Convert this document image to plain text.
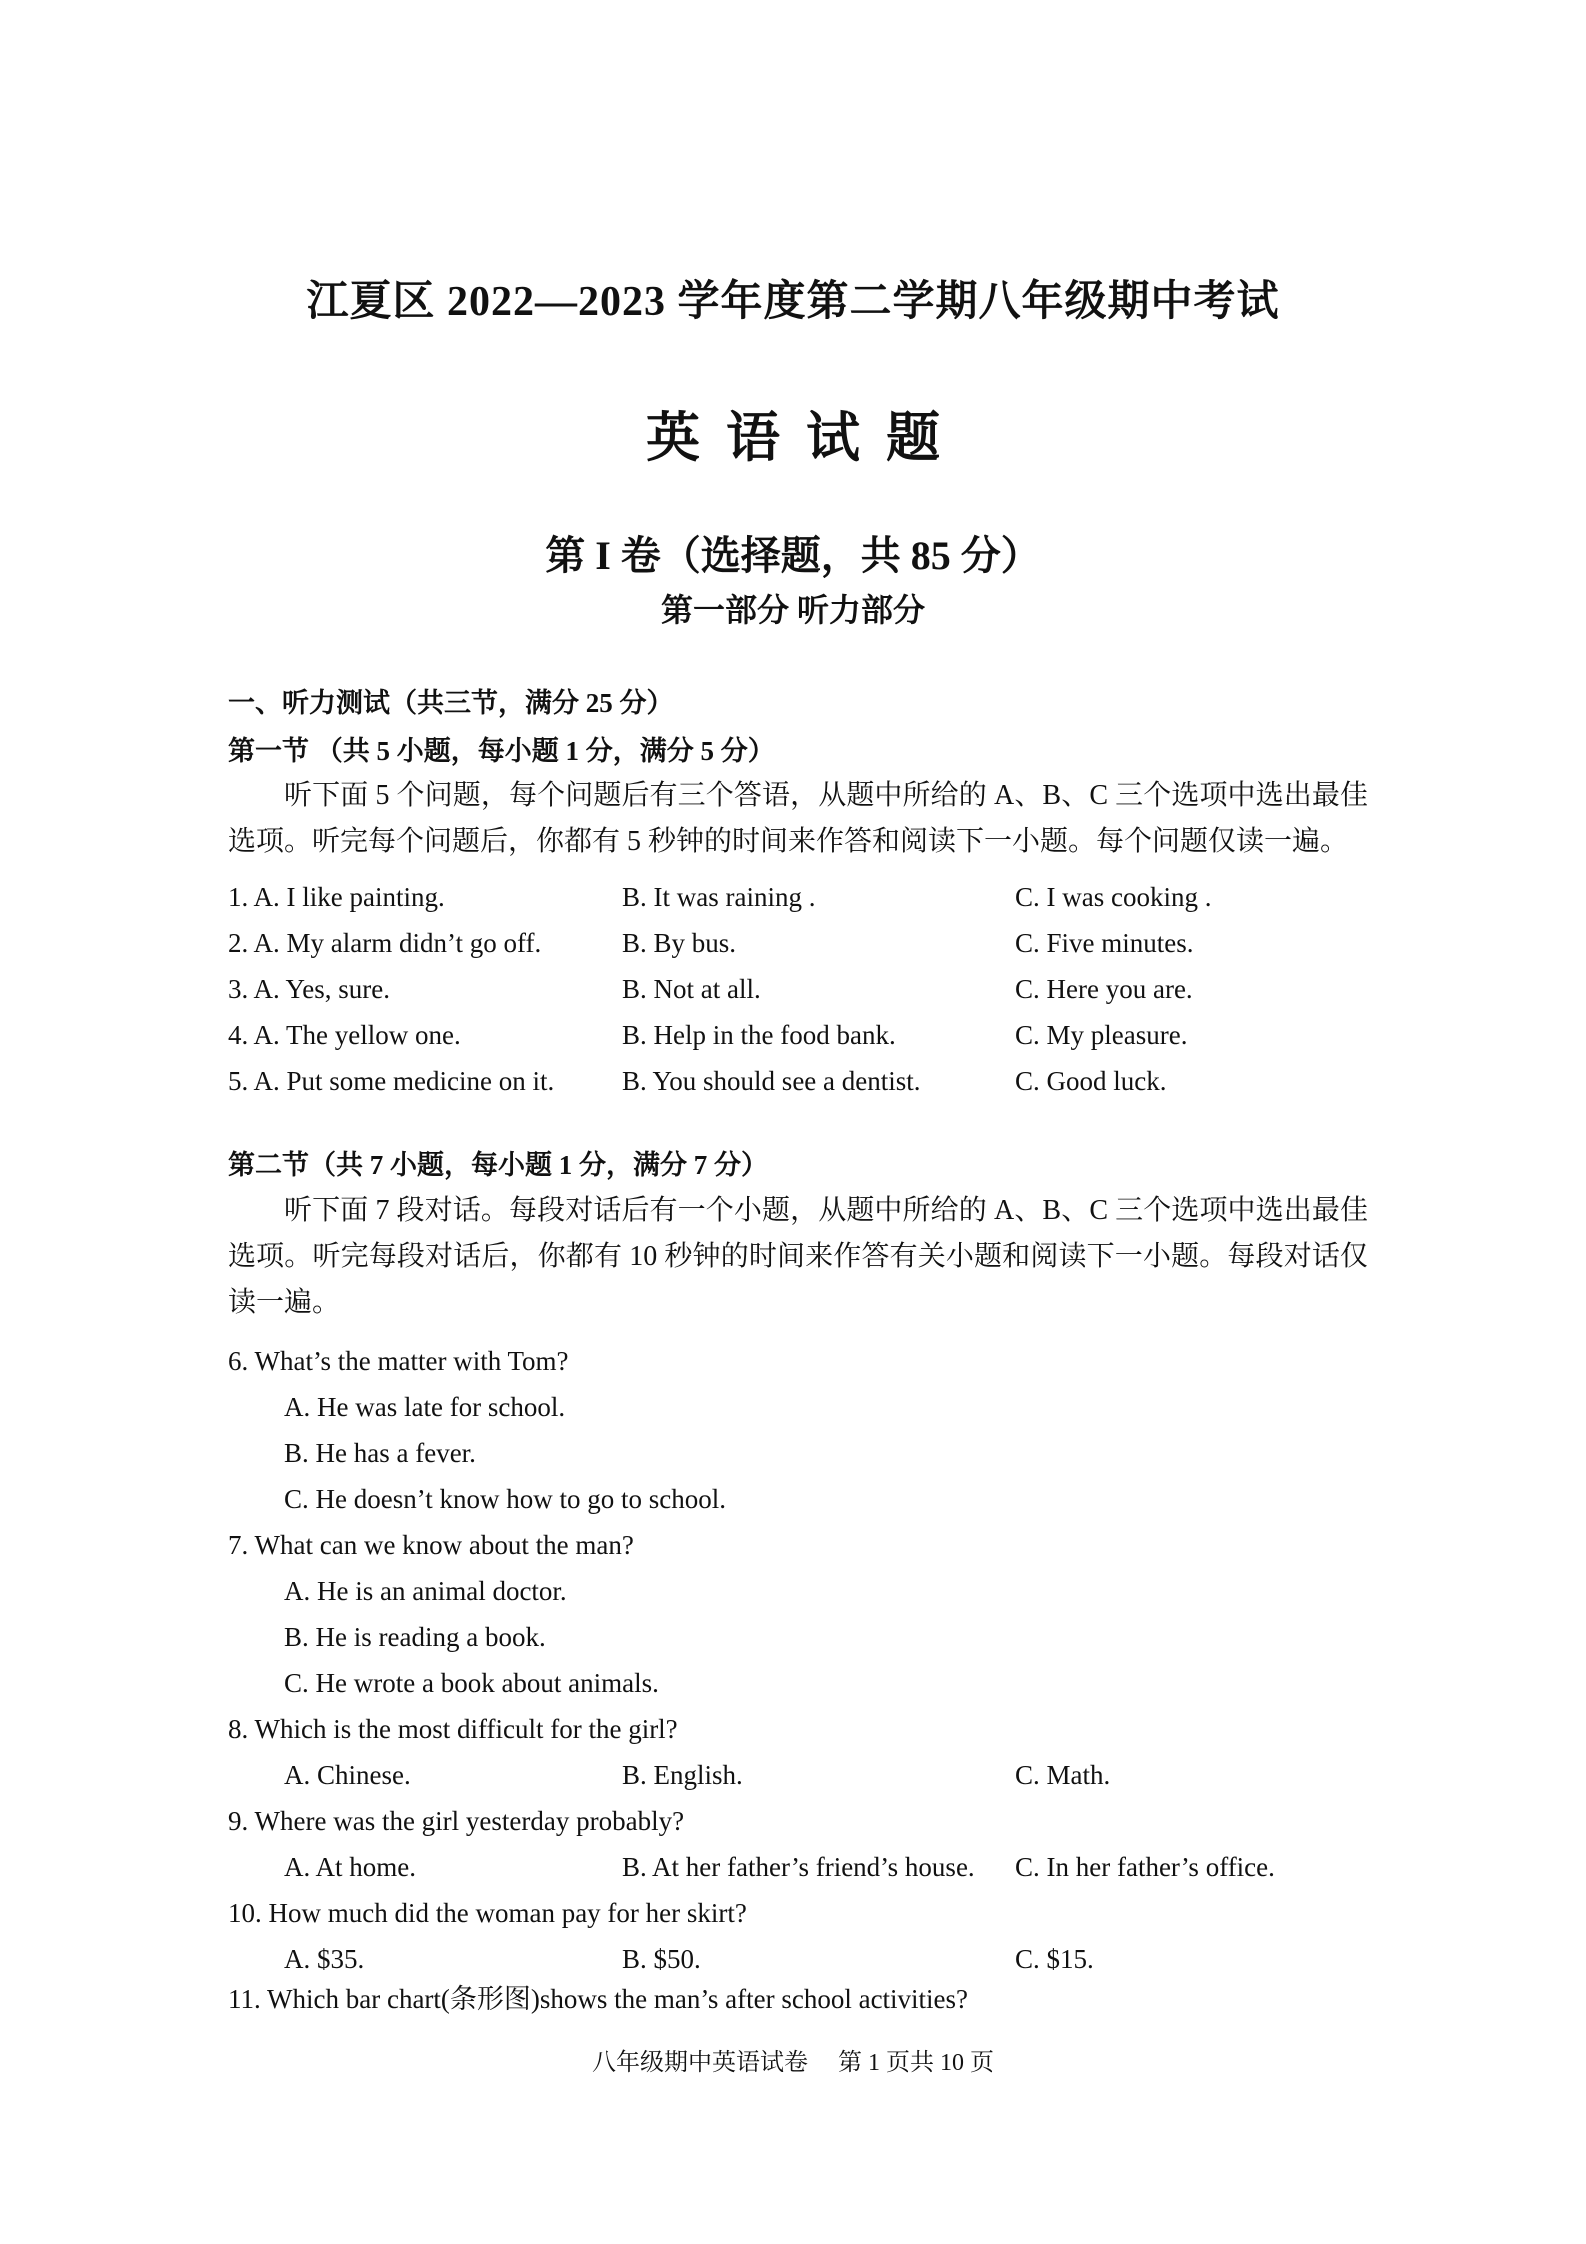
江夏区 2022—2023 学年度第二学期八年级期中考试
英语试题
第 I 卷（选择题，共 85 分）
第一部分 听力部分
一、听力测试（共三节，满分 25 分）
第一节 （共 5 小题，每小题 1 分，满分 5 分）

听下面 5 个问题，每个问题后有三个答语，从题中所给的 A、B、C 三个选项中选出最佳选项。听完每个问题后，你都有 5 秒钟的时间来作答和阅读下一小题。每个问题仅读一遍。

1. A. I like painting.	B. It was raining .	C. I was cooking .
2. A. My alarm didn’t go off.	B. By bus.	C. Five minutes.
3. A. Yes, sure.	B. Not at all.	C. Here you are.
4. A. The yellow one.	B. Help in the food bank.	C. My pleasure.
5. A. Put some medicine on it.	B. You should see a dentist.	C. Good luck.
第二节（共 7 小题，每小题 1 分，满分 7 分）

听下面 7 段对话。每段对话后有一个小题，从题中所给的 A、B、C 三个选项中选出最佳选项。听完每段对话后，你都有 10 秒钟的时间来作答有关小题和阅读下一小题。每段对话仅读一遍。

6. What’s the matter with Tom?
A. He was late for school.
B. He has a fever.
C. He doesn’t know how to go to school.
7. What can we know about the man?
A. He is an animal doctor.
B. He is reading a book.
C. He wrote a book about animals.
8. Which is the most difficult for the girl?
A. Chinese.	B. English.	C. Math.
9. Where was the girl yesterday probably?
A. At home.	B. At her father’s friend’s house. C. In her father’s office.
10. How much did the woman pay for her skirt?
A. $35.	B. $50.	C. $15.
11. Which bar chart(条形图)shows the man’s after school activities?
八年级期中英语试卷     第 1 页共 10 页
